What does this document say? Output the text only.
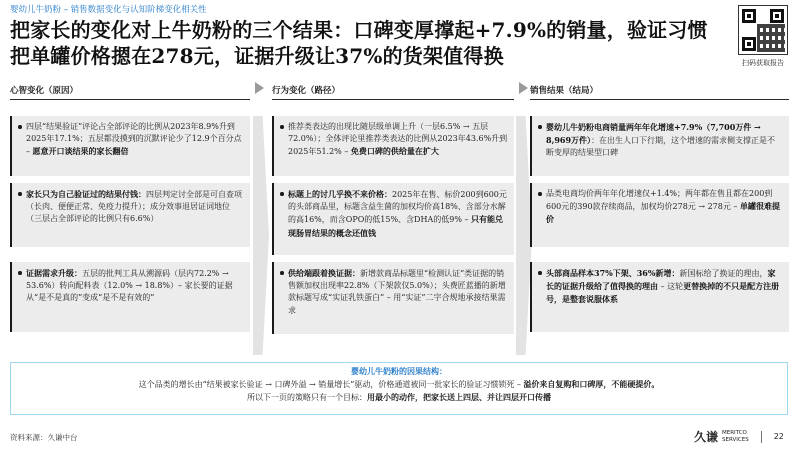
婴幼儿牛奶粉 – 销售数据变化与认知阶梯变化相关性
把家长的变化对上牛奶粉的三个结果：口碑变厚撑起+7.9%的销量，验证习惯把单罐价格摁在278元，证据升级让37%的货架值得换	扫码获取报告
心智变化（原因）	行为变化（路径）	销售结果（结局）
四层“结果验证”评论占全部评论的比例从2023年8.9%升到2025年17.1%；五层都没摸到的沉默评论少了12.9个百分点 – 愿意开口谈结果的家长翻倍
家长只为自己验证过的结果付钱：四层判定讨全部是可自查项（长肉、便便正常、免疫力提升）；成分效事退居证词地位（三层占全部评论的比例只有6.6%）
证据需求升级：五层的批判工具从溯源码（层内72.2% → 53.6%）转向配料表（12.0% → 18.8%）– 家长要的证据从“是不是真的”变成“是不是有效的”
推荐类表达的出现比随层级单调上升（一层6.5% → 五层72.0%）；全体评论里推荐类表达的比例从2023年43.6%升到2025年51.2% – 免费口碑的供给量在扩大
标题上的讨几乎换不来价格：2025年在售、标价200到600元的头部商品里，标题含益生菌的加权均价高18%、含部分水解的高16%，而含OPO的低15%、含DHA的低9% – 只有能兑现肠胃结果的概念还值钱
供给端跟着换证据：新增款商品标题里“检测认证”类证据的销售额加权出现率22.8%（下架款仅5.0%）；头费匠蓝播的新增款标题写成“实证乳铁蛋白” – 用“实证”二字合规地承接结果需求
婴幼儿牛奶粉电商销量两年年化增速+7.9%（7,700万件 → 8,969万件）：在出生人口下行期，这个增速的需求侧支撑正是不断变厚的结果型口碑
品类电商均价两年年化增速仅+1.4%；两年都在售且都在200到600元的390款存续商品，加权均价278元 → 278元 – 单罐很难提价
头部商品样本37%下架、36%新增：新国标给了换证的理由，家长的证据升级给了值得换的理由 – 这轮更替换掉的不只是配方注册号，是整套说服体系
婴幼儿牛奶粉的因果结构：
这个品类的增长由“结果被家长验证 → 口碑外溢 → 销量增长”驱动，价格通道被同一批家长的验证习惯锁死 – 溢价来自复购和口碑厚，不能硬提价。
所以下一页的策略只有一个目标：用最小的动作，把家长送上四层、并让四层开口传播
资料来源：久谦中台	久谦 MERITCO
SERVICES	22
